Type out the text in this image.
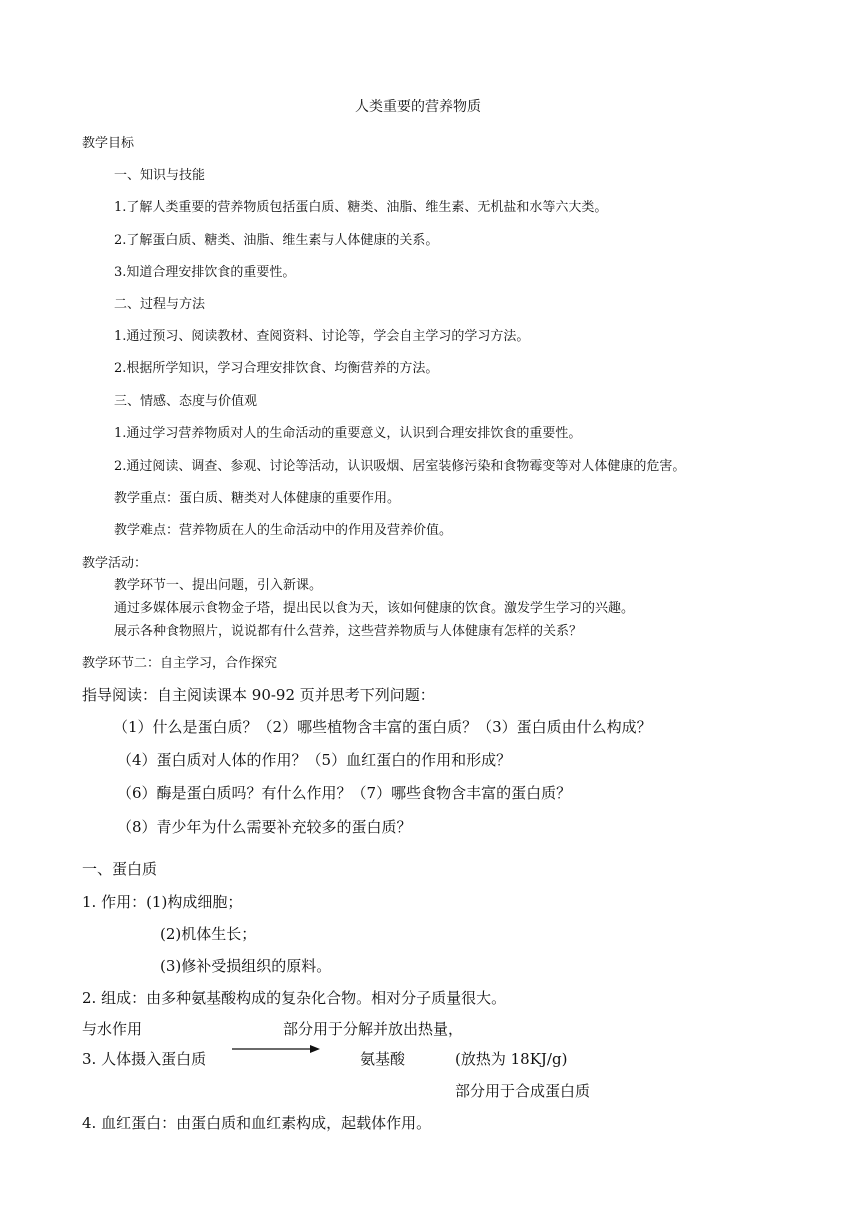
人类重要的营养物质
教学目标
一、知识与技能
1.了解人类重要的营养物质包括蛋白质、糖类、油脂、维生素、无机盐和水等六大类。
2.了解蛋白质、糖类、油脂、维生素与人体健康的关系。
3.知道合理安排饮食的重要性。
二、过程与方法
1.通过预习、阅读教材、查阅资料、讨论等，学会自主学习的学习方法。
2.根据所学知识，学习合理安排饮食、均衡营养的方法。
三、情感、态度与价值观
1.通过学习营养物质对人的生命活动的重要意义，认识到合理安排饮食的重要性。
2.通过阅读、调查、参观、讨论等活动，认识吸烟、居室装修污染和食物霉变等对人体健康的危害。
教学重点：蛋白质、糖类对人体健康的重要作用。
教学难点：营养物质在人的生命活动中的作用及营养价值。
教学活动：
教学环节一、提出问题，引入新课。
通过多媒体展示食物金子塔，提出民以食为天，该如何健康的饮食。激发学生学习的兴趣。
展示各种食物照片，说说都有什么营养，这些营养物质与人体健康有怎样的关系？
教学环节二：自主学习，合作探究
指导阅读：自主阅读课本 90-92 页并思考下列问题：
（1）什么是蛋白质？（2）哪些植物含丰富的蛋白质？（3）蛋白质由什么构成？
（4）蛋白质对人体的作用？（5）血红蛋白的作用和形成？
（6）酶是蛋白质吗？有什么作用？（7）哪些食物含丰富的蛋白质？
（8）青少年为什么需要补充较多的蛋白质？
一、蛋白质
1. 作用：(1)构成细胞；
(2)机体生长；
(3)修补受损组织的原料。
2. 组成：由多种氨基酸构成的复杂化合物。相对分子质量很大。
与水作用	部分用于分解并放出热量，
3. 人体摄入蛋白质	氨基酸	(放热为 18KJ/g)
部分用于合成蛋白质
4. 血红蛋白：由蛋白质和血红素构成，起载体作用。
